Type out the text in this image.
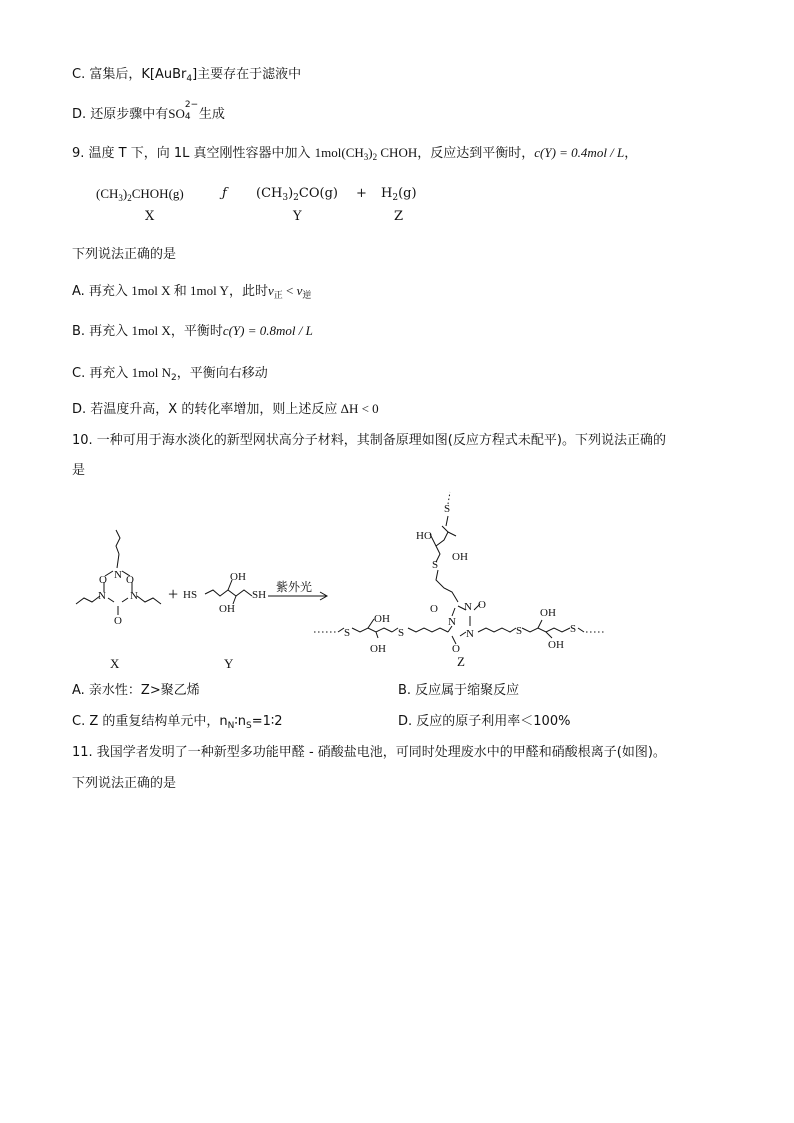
C. 富集后，K[AuBr$_4$]主要存在于滤液中
D. 还原步骤中有SO
2−
4 生成
9. 温度 T 下，向 1L 真空刚性容器中加入 $1mol(CH_3)_2$ CHOH，反应达到平衡时，c(Y) = 0.4mol / L，
$(CH_3)_2CHOH(g)$	ƒ $(CH_3)_2CO(g) + H_2(g)$
X	Y	Z
下列说法正确的是
A. 再充入 1mol X 和 1mol Y，此时$v_正 < v_逆$
B. 再充入 1mol X，平衡时c(Y) = 0.8mol / L
C. 再充入 1mol $N_2$，平衡向右移动
D. 若温度升高，X 的转化率增加，则上述反应 ΔH < 0
10. 一种可用于海水淡化的新型网状高分子材料，其制备原理如图(反应方程式未配平)。下列说法正确的
是
O N O
N N
O
+ HS
OH
OH
SH
紫外光
S
OH
OH
S
N
O N O
N
O
S
OH
OH
S
S
HO
OH
S
X	Y	Z
A. 亲水性：Z>聚乙烯	B. 反应属于缩聚反应
C. Z 的重复结构单元中，$n_N∶n_S=1∶2$	D. 反应的原子利用率＜100%
11. 我国学者发明了一种新型多功能甲醛 - 硝酸盐电池，可同时处理废水中的甲醛和硝酸根离子(如图)。
下列说法正确的是
